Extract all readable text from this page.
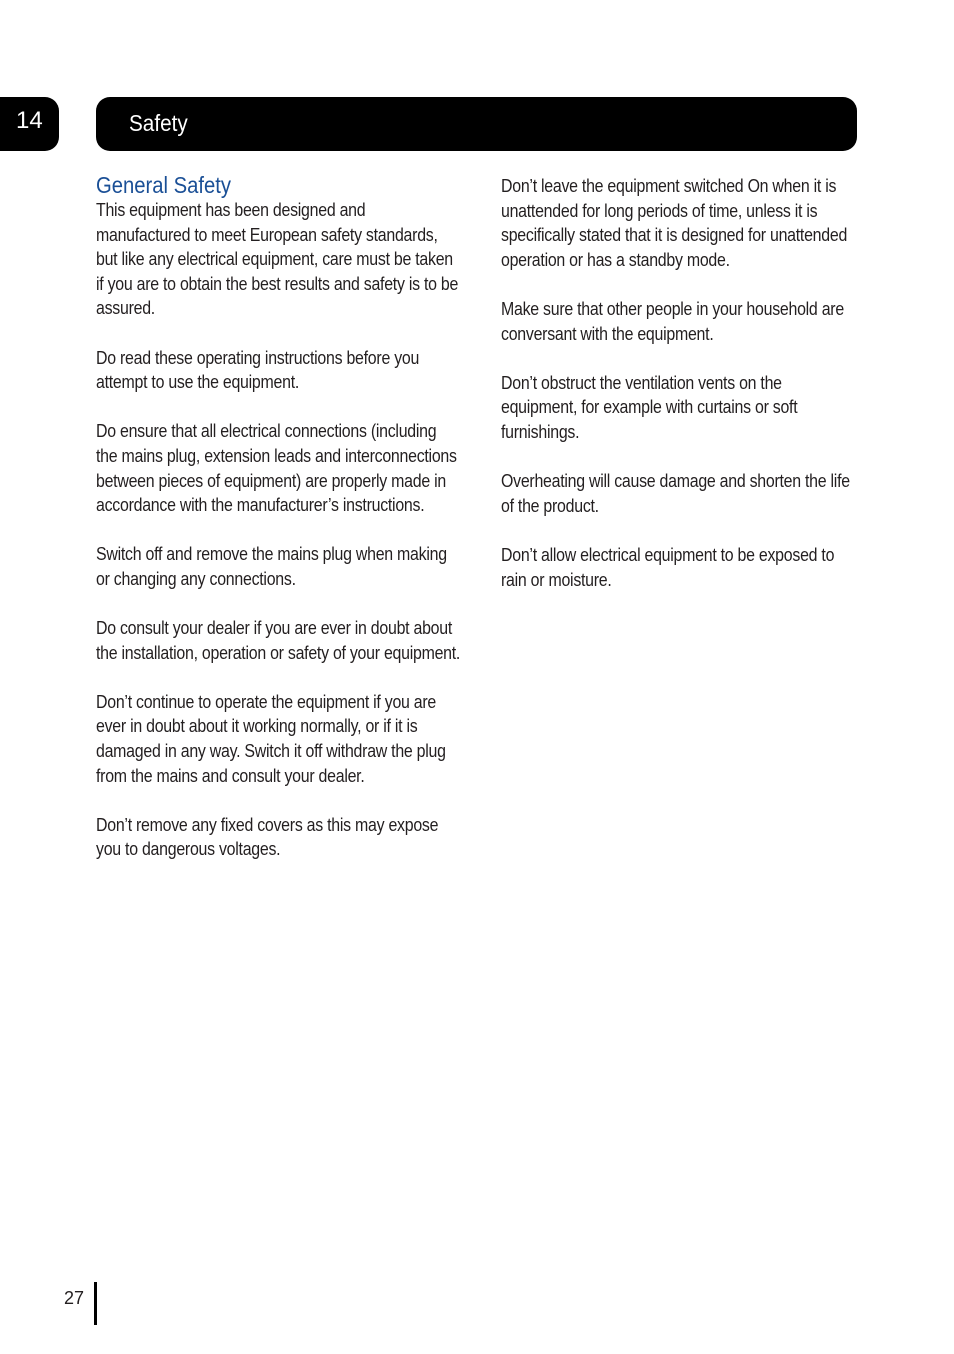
14	Safety
General Safety

This equipment has been designed and manufactured to meet European safety standards, but like any electrical equipment, care must be taken if you are to obtain the best results and safety is to be assured.

Do read these operating instructions before you attempt to use the equipment.

Do ensure that all electrical connections (including the mains plug, extension leads and interconnections between pieces of equipment) are properly made in accordance with the manufacturer’s instructions.

Switch off and remove the mains plug when making or changing any connections.

Do consult your dealer if you are ever in doubt about the installation, operation or safety of your equipment.

Don’t continue to operate the equipment if you are ever in doubt about it working normally, or if it is damaged in any way. Switch it off withdraw the plug from the mains and consult your dealer.

Don’t remove any fixed covers as this may expose you to dangerous voltages.

Don’t leave the equipment switched On when it is unattended for long periods of time, unless it is specifically stated that it is designed for unattended operation or has a standby mode.

Make sure that other people in your household are conversant with the equipment.

Don’t obstruct the ventilation vents on the equipment, for example with curtains or soft furnishings.

Overheating will cause damage and shorten the life of the product.

Don’t allow electrical equipment to be exposed to rain or moisture.

27
